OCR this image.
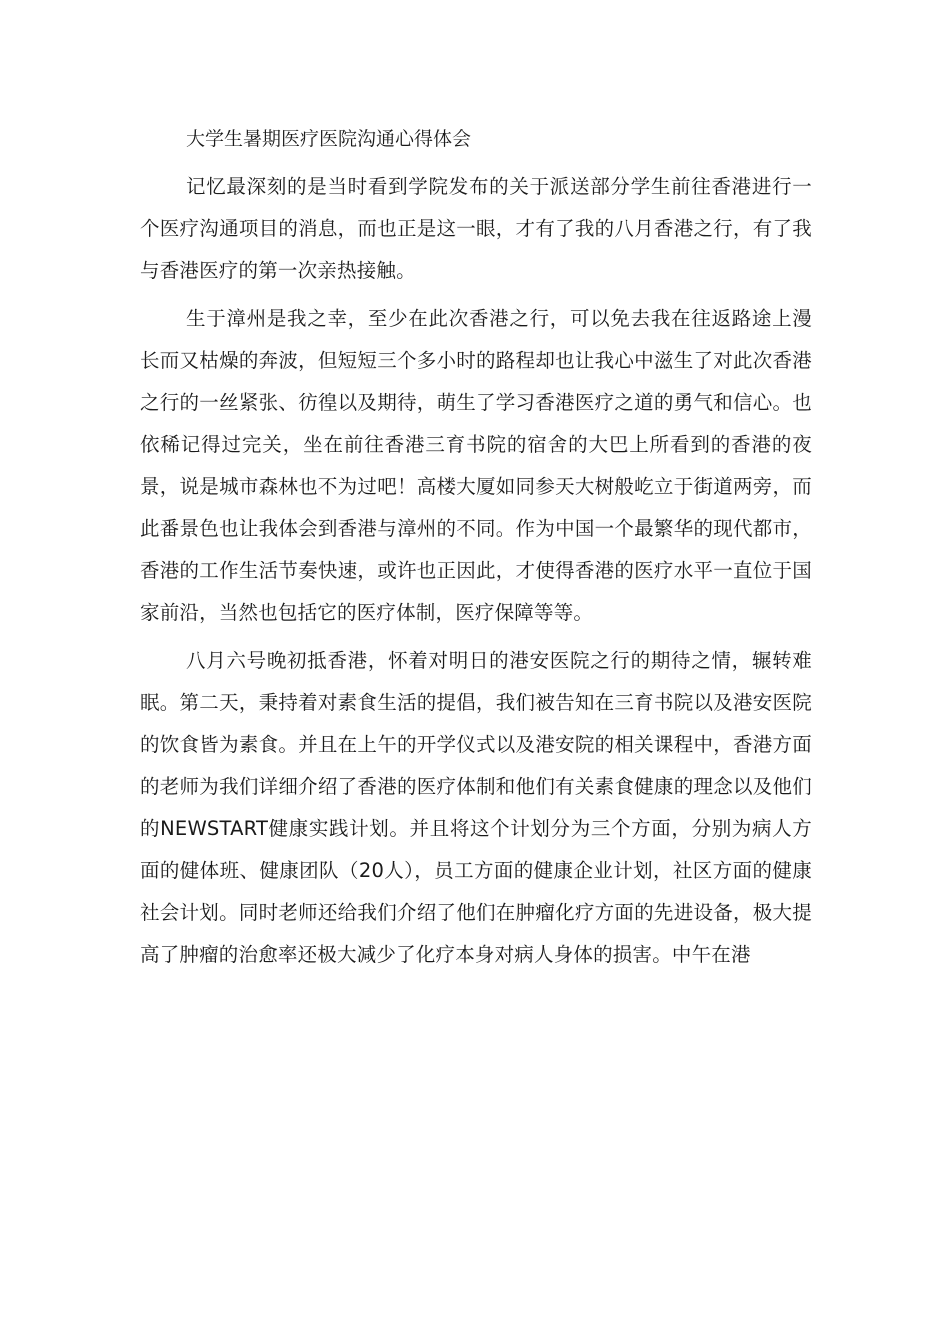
大学生暑期医疗医院沟通心得体会

记忆最深刻的是当时看到学院发布的关于派送部分学生前往香港进行一个医疗沟通项目的消息，而也正是这一眼，才有了我的八月香港之行，有了我与香港医疗的第一次亲热接触。

生于漳州是我之幸，至少在此次香港之行，可以免去我在往返路途上漫长而又枯燥的奔波，但短短三个多小时的路程却也让我心中滋生了对此次香港之行的一丝紧张、彷徨以及期待，萌生了学习香港医疗之道的勇气和信心。也依稀记得过完关，坐在前往香港三育书院的宿舍的大巴上所看到的香港的夜景，说是城市森林也不为过吧！高楼大厦如同参天大树般屹立于街道两旁，而此番景色也让我体会到香港与漳州的不同。作为中国一个最繁华的现代都市，香港的工作生活节奏快速，或许也正因此，才使得香港的医疗水平一直位于国家前沿，当然也包括它的医疗体制，医疗保障等等。

八月六号晚初抵香港，怀着对明日的港安医院之行的期待之情，辗转难眠。第二天，秉持着对素食生活的提倡，我们被告知在三育书院以及港安医院的饮食皆为素食。并且在上午的开学仪式以及港安院的相关课程中，香港方面的老师为我们详细介绍了香港的医疗体制和他们有关素食健康的理念以及他们的NEWSTART健康实践计划。并且将这个计划分为三个方面，分别为病人方面的健体班、健康团队（20人），员工方面的健康企业计划，社区方面的健康社会计划。同时老师还给我们介绍了他们在肿瘤化疗方面的先进设备，极大提高了肿瘤的治愈率还极大减少了化疗本身对病人身体的损害。中午在港
